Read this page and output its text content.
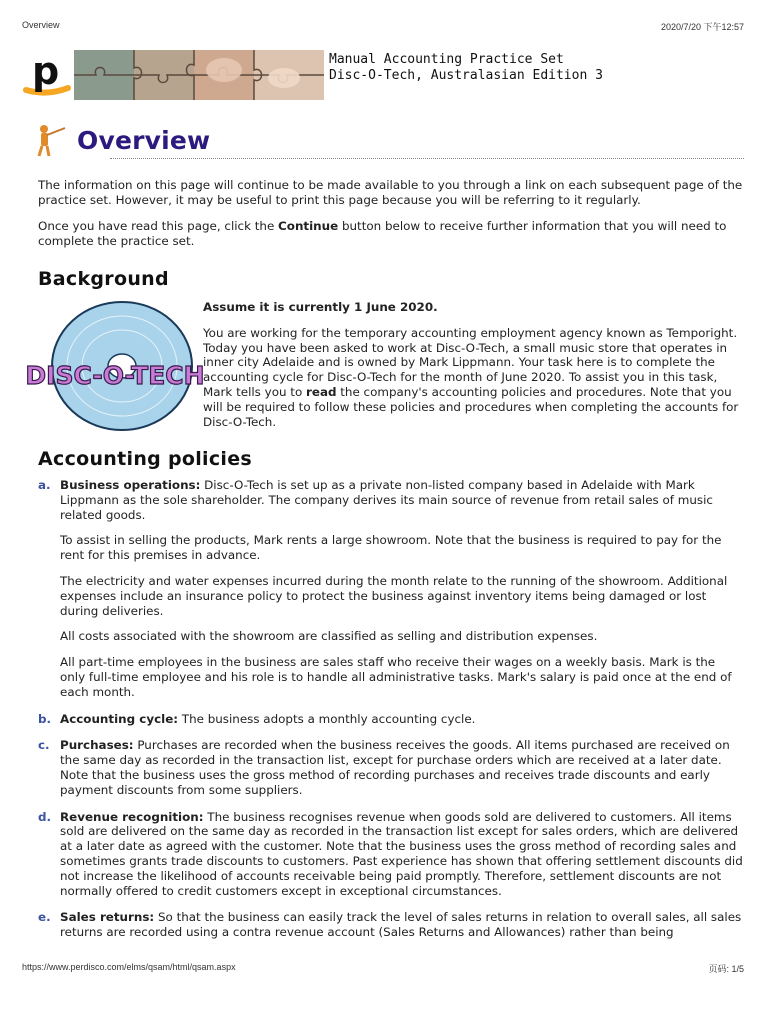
Overview	2020/7/20 下午12:57
p	Manual Accounting Practice Set
Disc-O-Tech, Australasian Edition 3
Overview
The information on this page will continue to be made available to you through a link on each subsequent page of the practice set. However, it may be useful to print this page because you will be referring to it regularly.
Once you have read this page, click the Continue button below to receive further information that you will need to complete the practice set.
Background
DISC-O-TECH

Assume it is currently 1 June 2020.

You are working for the temporary accounting employment agency known as Temporight. Today you have been asked to work at Disc-O-Tech, a small music store that operates in inner city Adelaide and is owned by Mark Lippmann. Your task here is to complete the accounting cycle for Disc-O-Tech for the month of June 2020. To assist you in this task, Mark tells you to read the company's accounting policies and procedures. Note that you will be required to follow these policies and procedures when completing the accounts for Disc-O-Tech.

Accounting policies
a. Business operations: Disc-O-Tech is set up as a private non-listed company based in Adelaide with Mark Lippmann as the sole shareholder. The company derives its main source of revenue from retail sales of music related goods.

To assist in selling the products, Mark rents a large showroom. Note that the business is required to pay for the rent for this premises in advance.

The electricity and water expenses incurred during the month relate to the running of the showroom. Additional expenses include an insurance policy to protect the business against inventory items being damaged or lost during deliveries.

All costs associated with the showroom are classified as selling and distribution expenses.

All part-time employees in the business are sales staff who receive their wages on a weekly basis. Mark is the only full-time employee and his role is to handle all administrative tasks. Mark's salary is paid once at the end of each month.

b. Accounting cycle: The business adopts a monthly accounting cycle.

c. Purchases: Purchases are recorded when the business receives the goods. All items purchased are received on the same day as recorded in the transaction list, except for purchase orders which are received at a later date. Note that the business uses the gross method of recording purchases and receives trade discounts and early payment discounts from some suppliers.

d. Revenue recognition: The business recognises revenue when goods sold are delivered to customers. All items sold are delivered on the same day as recorded in the transaction list except for sales orders, which are delivered at a later date as agreed with the customer. Note that the business uses the gross method of recording sales and sometimes grants trade discounts to customers. Past experience has shown that offering settlement discounts did not increase the likelihood of accounts receivable being paid promptly. Therefore, settlement discounts are not normally offered to credit customers except in exceptional circumstances.

e. Sales returns: So that the business can easily track the level of sales returns in relation to overall sales, all sales returns are recorded using a contra revenue account (Sales Returns and Allowances) rather than being

https://www.perdisco.com/elms/qsam/html/qsam.aspx	页码: 1/5
